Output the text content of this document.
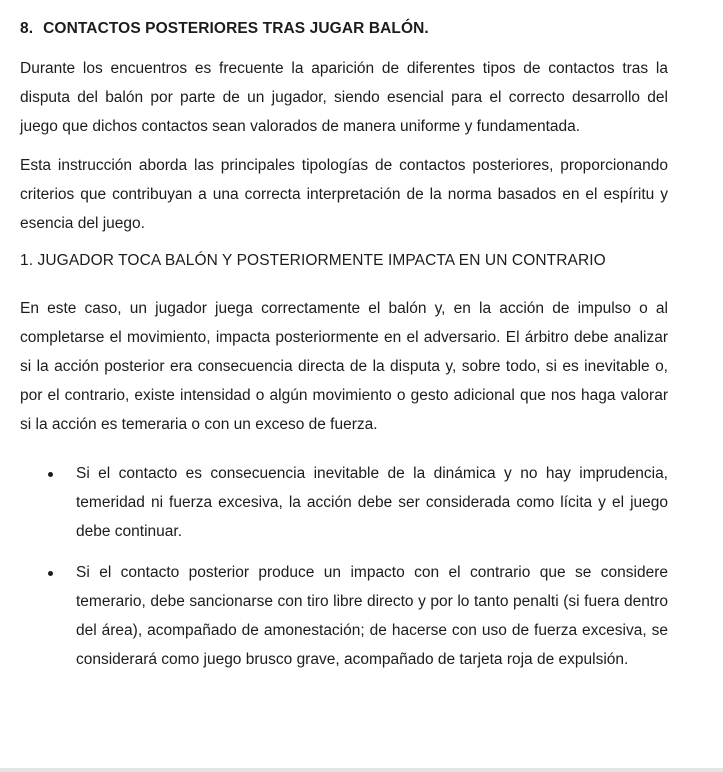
8. CONTACTOS POSTERIORES TRAS JUGAR BALÓN.

Durante los encuentros es frecuente la aparición de diferentes tipos de contactos tras la disputa del balón por parte de un jugador, siendo esencial para el correcto desarrollo del juego que dichos contactos sean valorados de manera uniforme y fundamentada.

Esta instrucción aborda las principales tipologías de contactos posteriores, proporcionando criterios que contribuyan a una correcta interpretación de la norma basados en el espíritu y esencia del juego.

1. JUGADOR TOCA BALÓN Y POSTERIORMENTE IMPACTA EN UN CONTRARIO

En este caso, un jugador juega correctamente el balón y, en la acción de impulso o al completarse el movimiento, impacta posteriormente en el adversario. El árbitro debe analizar si la acción posterior era consecuencia directa de la disputa y, sobre todo, si es inevitable o, por el contrario, existe intensidad o algún movimiento o gesto adicional que nos haga valorar si la acción es temeraria o con un exceso de fuerza.

Si el contacto es consecuencia inevitable de la dinámica y no hay imprudencia, temeridad ni fuerza excesiva, la acción debe ser considerada como lícita y el juego debe continuar.

Si el contacto posterior produce un impacto con el contrario que se considere temerario, debe sancionarse con tiro libre directo y por lo tanto penalti (si fuera dentro del área), acompañado de amonestación; de hacerse con uso de fuerza excesiva, se considerará como juego brusco grave, acompañado de tarjeta roja de expulsión.
